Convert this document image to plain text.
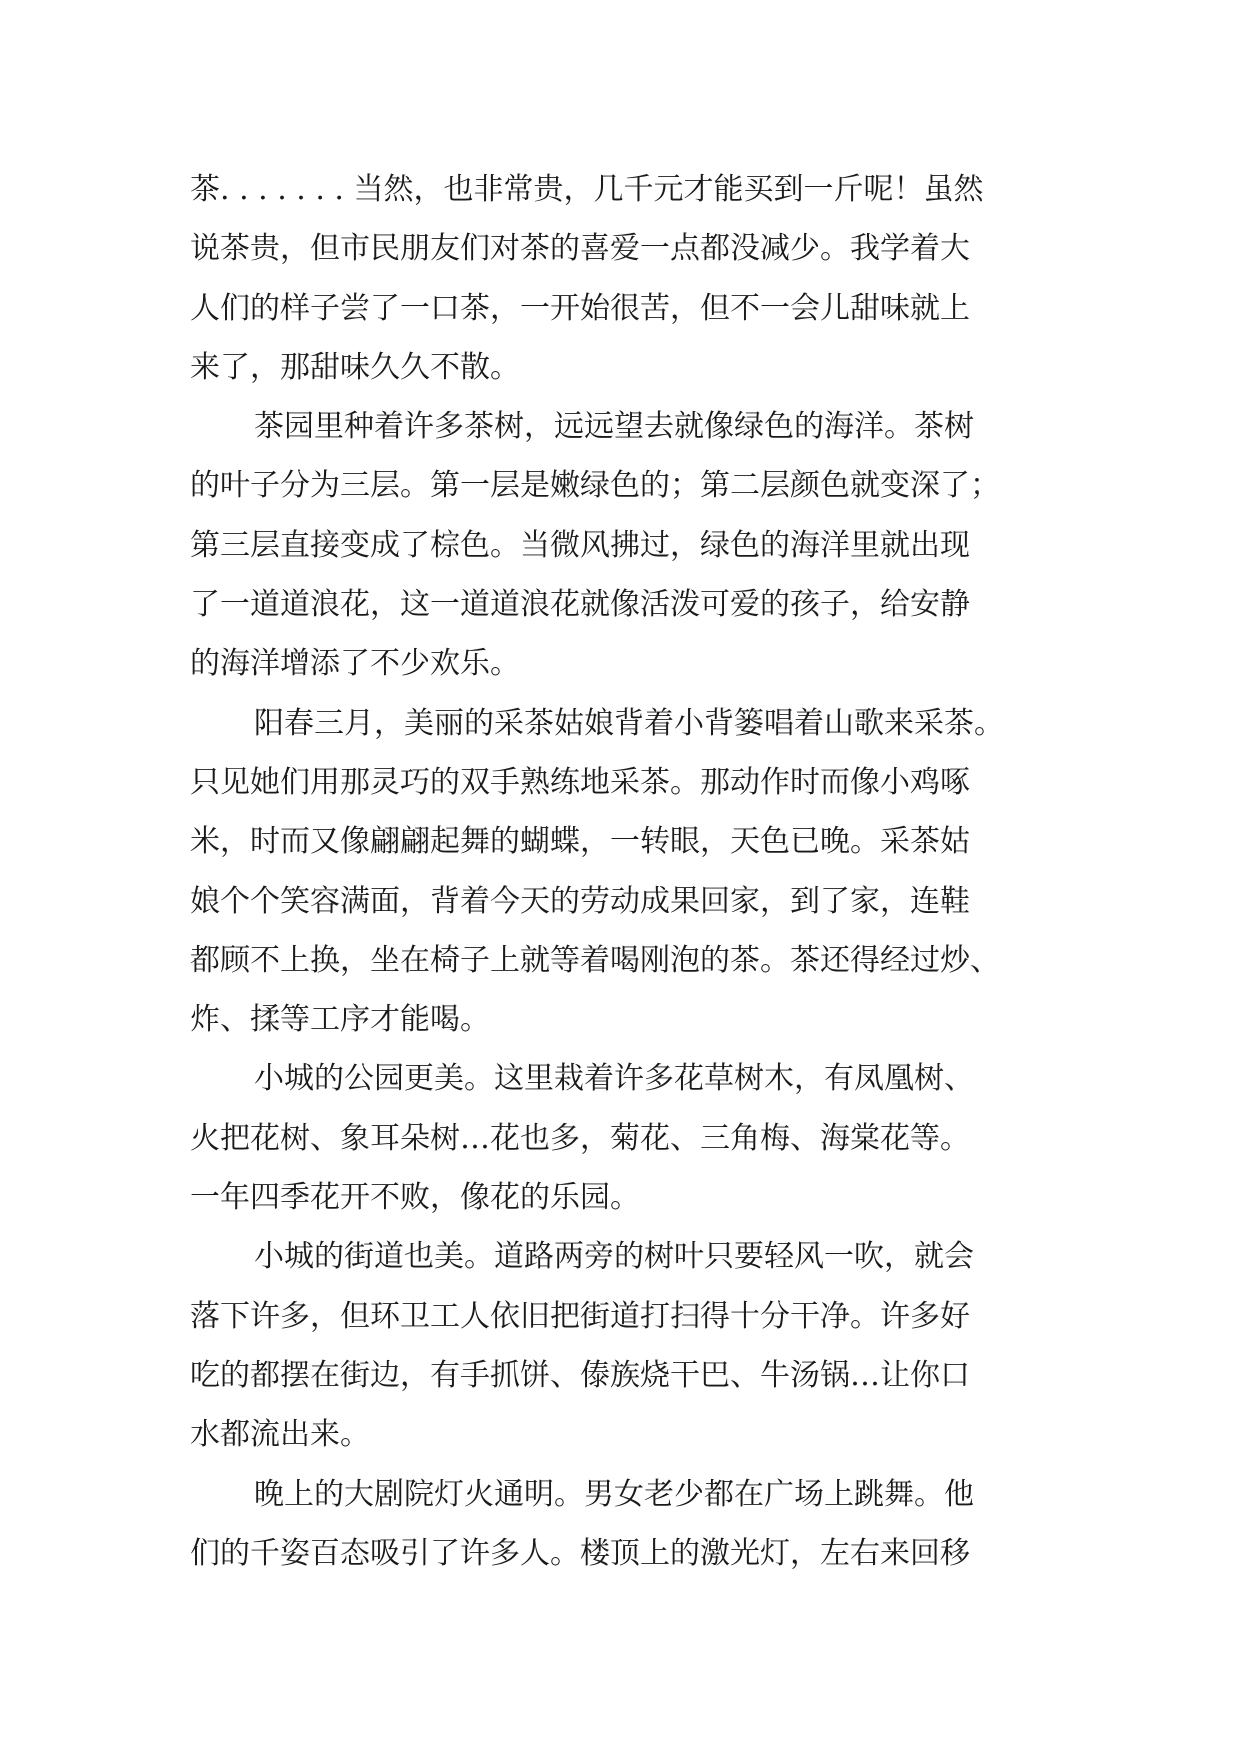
茶. . . . . . . 当然，也非常贵，几千元才能买到一斤呢！虽然
说茶贵，但市民朋友们对茶的喜爱一点都没减少。我学着大
人们的样子尝了一口茶，一开始很苦，但不一会儿甜味就上
来了，那甜味久久不散。

茶园里种着许多茶树，远远望去就像绿色的海洋。茶树
的叶子分为三层。第一层是嫩绿色的；第二层颜色就变深了；
第三层直接变成了棕色。当微风拂过，绿色的海洋里就出现
了一道道浪花，这一道道浪花就像活泼可爱的孩子，给安静
的海洋增添了不少欢乐。

阳春三月，美丽的采茶姑娘背着小背篓唱着山歌来采茶。
只见她们用那灵巧的双手熟练地采茶。那动作时而像小鸡啄
米，时而又像翩翩起舞的蝴蝶，一转眼，天色已晚。采茶姑
娘个个笑容满面，背着今天的劳动成果回家，到了家，连鞋
都顾不上换，坐在椅子上就等着喝刚泡的茶。茶还得经过炒、
炸、揉等工序才能喝。

小城的公园更美。这里栽着许多花草树木，有凤凰树、
火把花树、象耳朵树…花也多，菊花、三角梅、海棠花等。
一年四季花开不败，像花的乐园。

小城的街道也美。道路两旁的树叶只要轻风一吹，就会
落下许多，但环卫工人依旧把街道打扫得十分干净。许多好
吃的都摆在街边，有手抓饼、傣族烧干巴、牛汤锅…让你口
水都流出来。

晚上的大剧院灯火通明。男女老少都在广场上跳舞。他
们的千姿百态吸引了许多人。楼顶上的激光灯，左右来回移
